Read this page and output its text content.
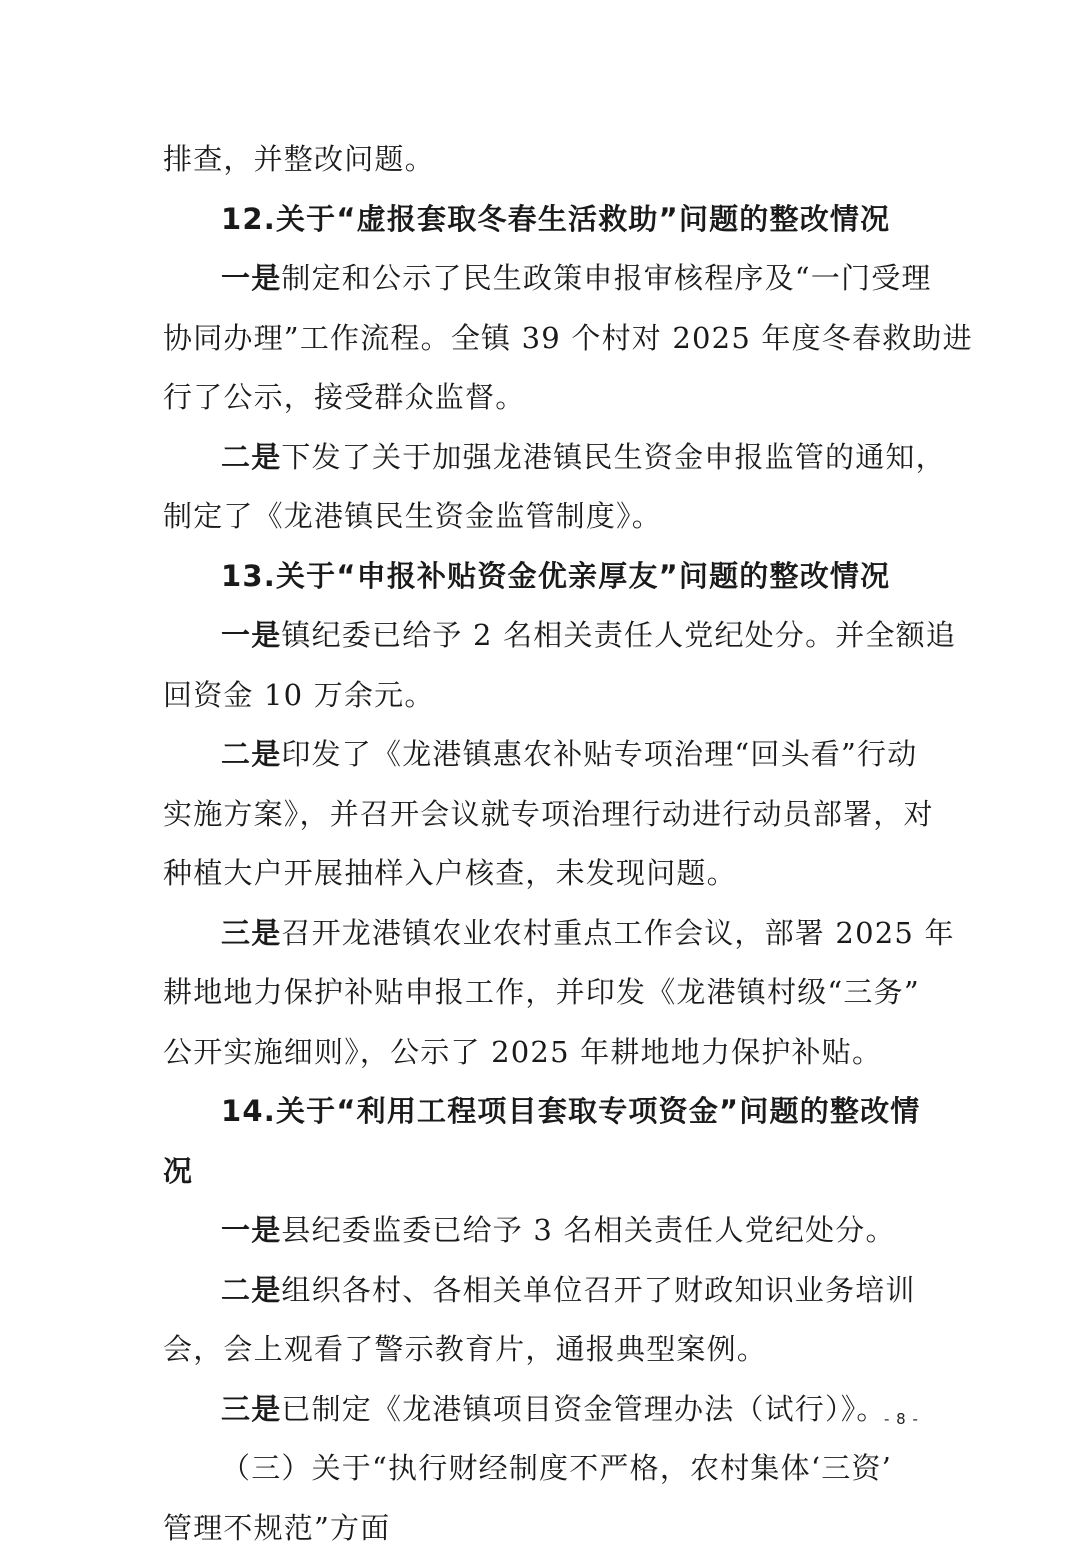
排查，并整改问题。
12.关于“虚报套取冬春生活救助”问题的整改情况
一是制定和公示了民生政策申报审核程序及“一门受理
协同办理”工作流程。全镇 39 个村对 2025 年度冬春救助进
行了公示，接受群众监督。
二是下发了关于加强龙港镇民生资金申报监管的通知，
制定了《龙港镇民生资金监管制度》。
13.关于“申报补贴资金优亲厚友”问题的整改情况
一是镇纪委已给予 2 名相关责任人党纪处分。并全额追
回资金 10 万余元。
二是印发了《龙港镇惠农补贴专项治理“回头看”行动
实施方案》，并召开会议就专项治理行动进行动员部署，对
种植大户开展抽样入户核查，未发现问题。
三是召开龙港镇农业农村重点工作会议，部署 2025 年
耕地地力保护补贴申报工作，并印发《龙港镇村级“三务”
公开实施细则》，公示了 2025 年耕地地力保护补贴。
14.关于“利用工程项目套取专项资金”问题的整改情
况
一是县纪委监委已给予 3 名相关责任人党纪处分。
二是组织各村、各相关单位召开了财政知识业务培训
会，会上观看了警示教育片，通报典型案例。
三是已制定《龙港镇项目资金管理办法（试行）》。
（三）关于“执行财经制度不严格，农村集体‘三资’
管理不规范”方面
- 8 -
